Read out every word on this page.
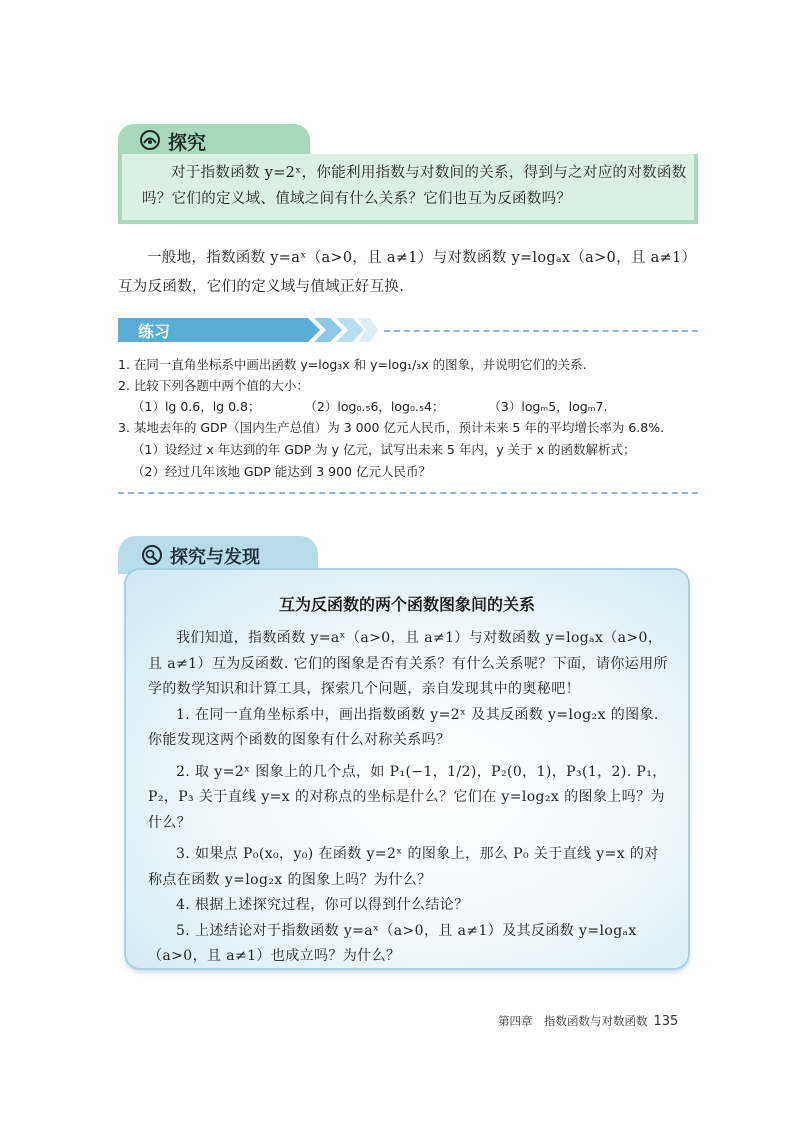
探究
对于指数函数 y=2ˣ，你能利用指数与对数间的关系，得到与之对应的对数函数吗？它们的定义域、值域之间有什么关系？它们也互为反函数吗？
一般地，指数函数 y=aˣ（a>0，且 a≠1）与对数函数 y=logₐx（a>0，且 a≠1）互为反函数，它们的定义域与值域正好互换.
练习
1. 在同一直角坐标系中画出函数 y=log₃x 和 y=log₁/₃x 的图象，并说明它们的关系.
2. 比较下列各题中两个值的大小：
（1）lg 0.6，lg 0.8；	（2）log₀.₅6，log₀.₅4；	（3）logₘ5，logₘ7.
3. 某地去年的 GDP（国内生产总值）为 3 000 亿元人民币，预计未来 5 年的平均增长率为 6.8%.
（1）设经过 x 年达到的年 GDP 为 y 亿元，试写出未来 5 年内，y 关于 x 的函数解析式；
（2）经过几年该地 GDP 能达到 3 900 亿元人民币？
探究与发现
互为反函数的两个函数图象间的关系

我们知道，指数函数 y=aˣ（a>0，且 a≠1）与对数函数 y=logₐx（a>0，且 a≠1）互为反函数. 它们的图象是否有关系？有什么关系呢？下面，请你运用所学的数学知识和计算工具，探索几个问题，亲自发现其中的奥秘吧！

1. 在同一直角坐标系中，画出指数函数 y=2ˣ 及其反函数 y=log₂x 的图象. 你能发现这两个函数的图象有什么对称关系吗？

2. 取 y=2ˣ 图象上的几个点，如 P₁(−1，1/2)，P₂(0，1)，P₃(1，2). P₁，P₂，P₃ 关于直线 y=x 的对称点的坐标是什么？它们在 y=log₂x 的图象上吗？为什么？

3. 如果点 P₀(x₀，y₀) 在函数 y=2ˣ 的图象上，那么 P₀ 关于直线 y=x 的对称点在函数 y=log₂x 的图象上吗？为什么？

4. 根据上述探究过程，你可以得到什么结论？

5. 上述结论对于指数函数 y=aˣ（a>0，且 a≠1）及其反函数 y=logₐx（a>0，且 a≠1）也成立吗？为什么？

第四章　指数函数与对数函数 135
